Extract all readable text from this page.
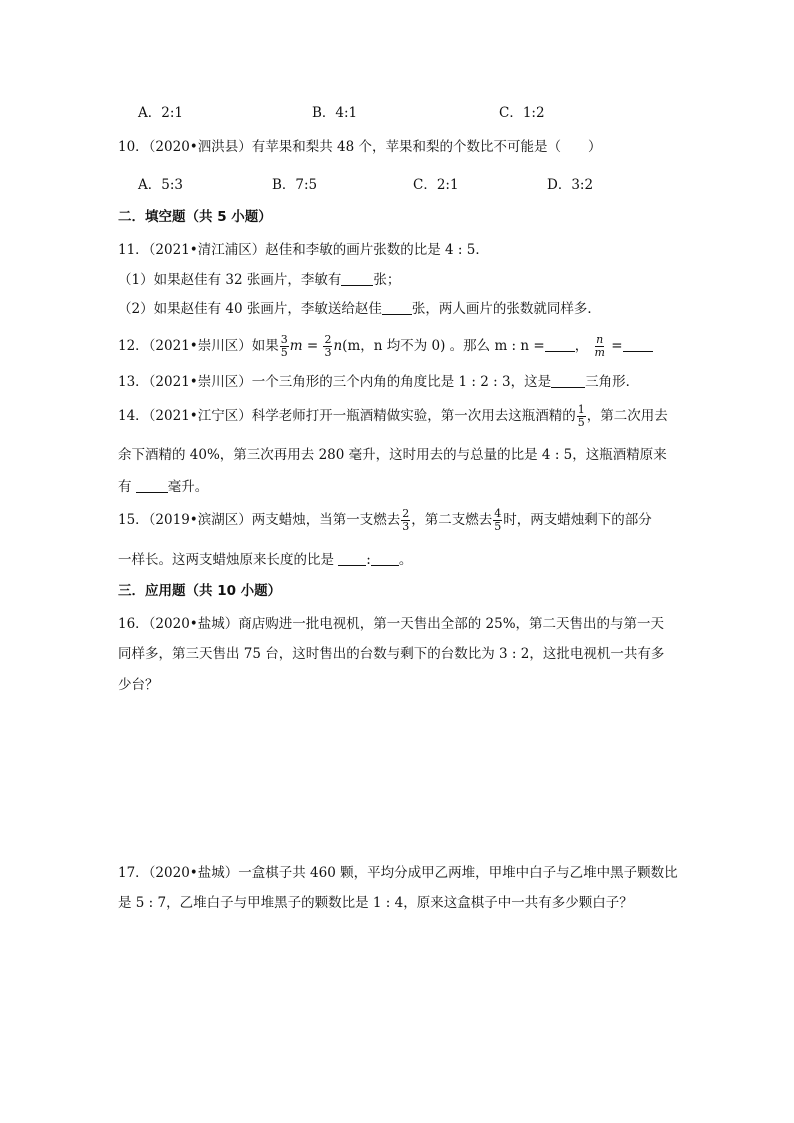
A．2:1	B．4:1	C．1:2
10．（2020•泗洪县）有苹果和梨共 48 个，苹果和梨的个数比不可能是（　　）
A．5:3	B．7:5	C．2:1	D．3:2
二．填空题（共 5 小题）
11．（2021•清江浦区）赵佳和李敏的画片张数的比是 4 : 5．
（1）如果赵佳有 32 张画片，李敏有 张；
（2）如果赵佳有 40 张画片，李敏送给赵佳 张，两人画片的张数就同样多．
12．（2021•崇川区）如果 $\frac{3}{5}$ $m = \frac{2}{3} n(m$，n 均不为 0) 。那么 m : n = ， $\frac{n}{m}$ =
13．（2021•崇川区）一个三角形的三个内角的角度比是 1 : 2 : 3，这是	三角形．
14．（2021•江宁区）科学老师打开一瓶酒精做实验，第一次用去这瓶酒精的 $\frac{1}{5}$ ，第二次用去
余下酒精的 40%，第三次再用去 280 毫升，这时用去的与总量的比是 4 : 5，这瓶酒精原来
有 毫升。
15．（2019•滨湖区）两支蜡烛，当第一支燃去 $\frac{2}{3}$ ，第二支燃去 $\frac{4}{5}$ 时，两支蜡烛剩下的部分
一样长。这两支蜡烛原来长度的比是 : 。
三．应用题（共 10 小题）
16．（2020•盐城）商店购进一批电视机，第一天售出全部的 25%，第二天售出的与第一天
同样多，第三天售出 75 台，这时售出的台数与剩下的台数比为 3 : 2，这批电视机一共有多
少台？
17．（2020•盐城）一盒棋子共 460 颗，平均分成甲乙两堆，甲堆中白子与乙堆中黑子颗数比
是 5 : 7，乙堆白子与甲堆黑子的颗数比是 1 : 4，原来这盒棋子中一共有多少颗白子？
